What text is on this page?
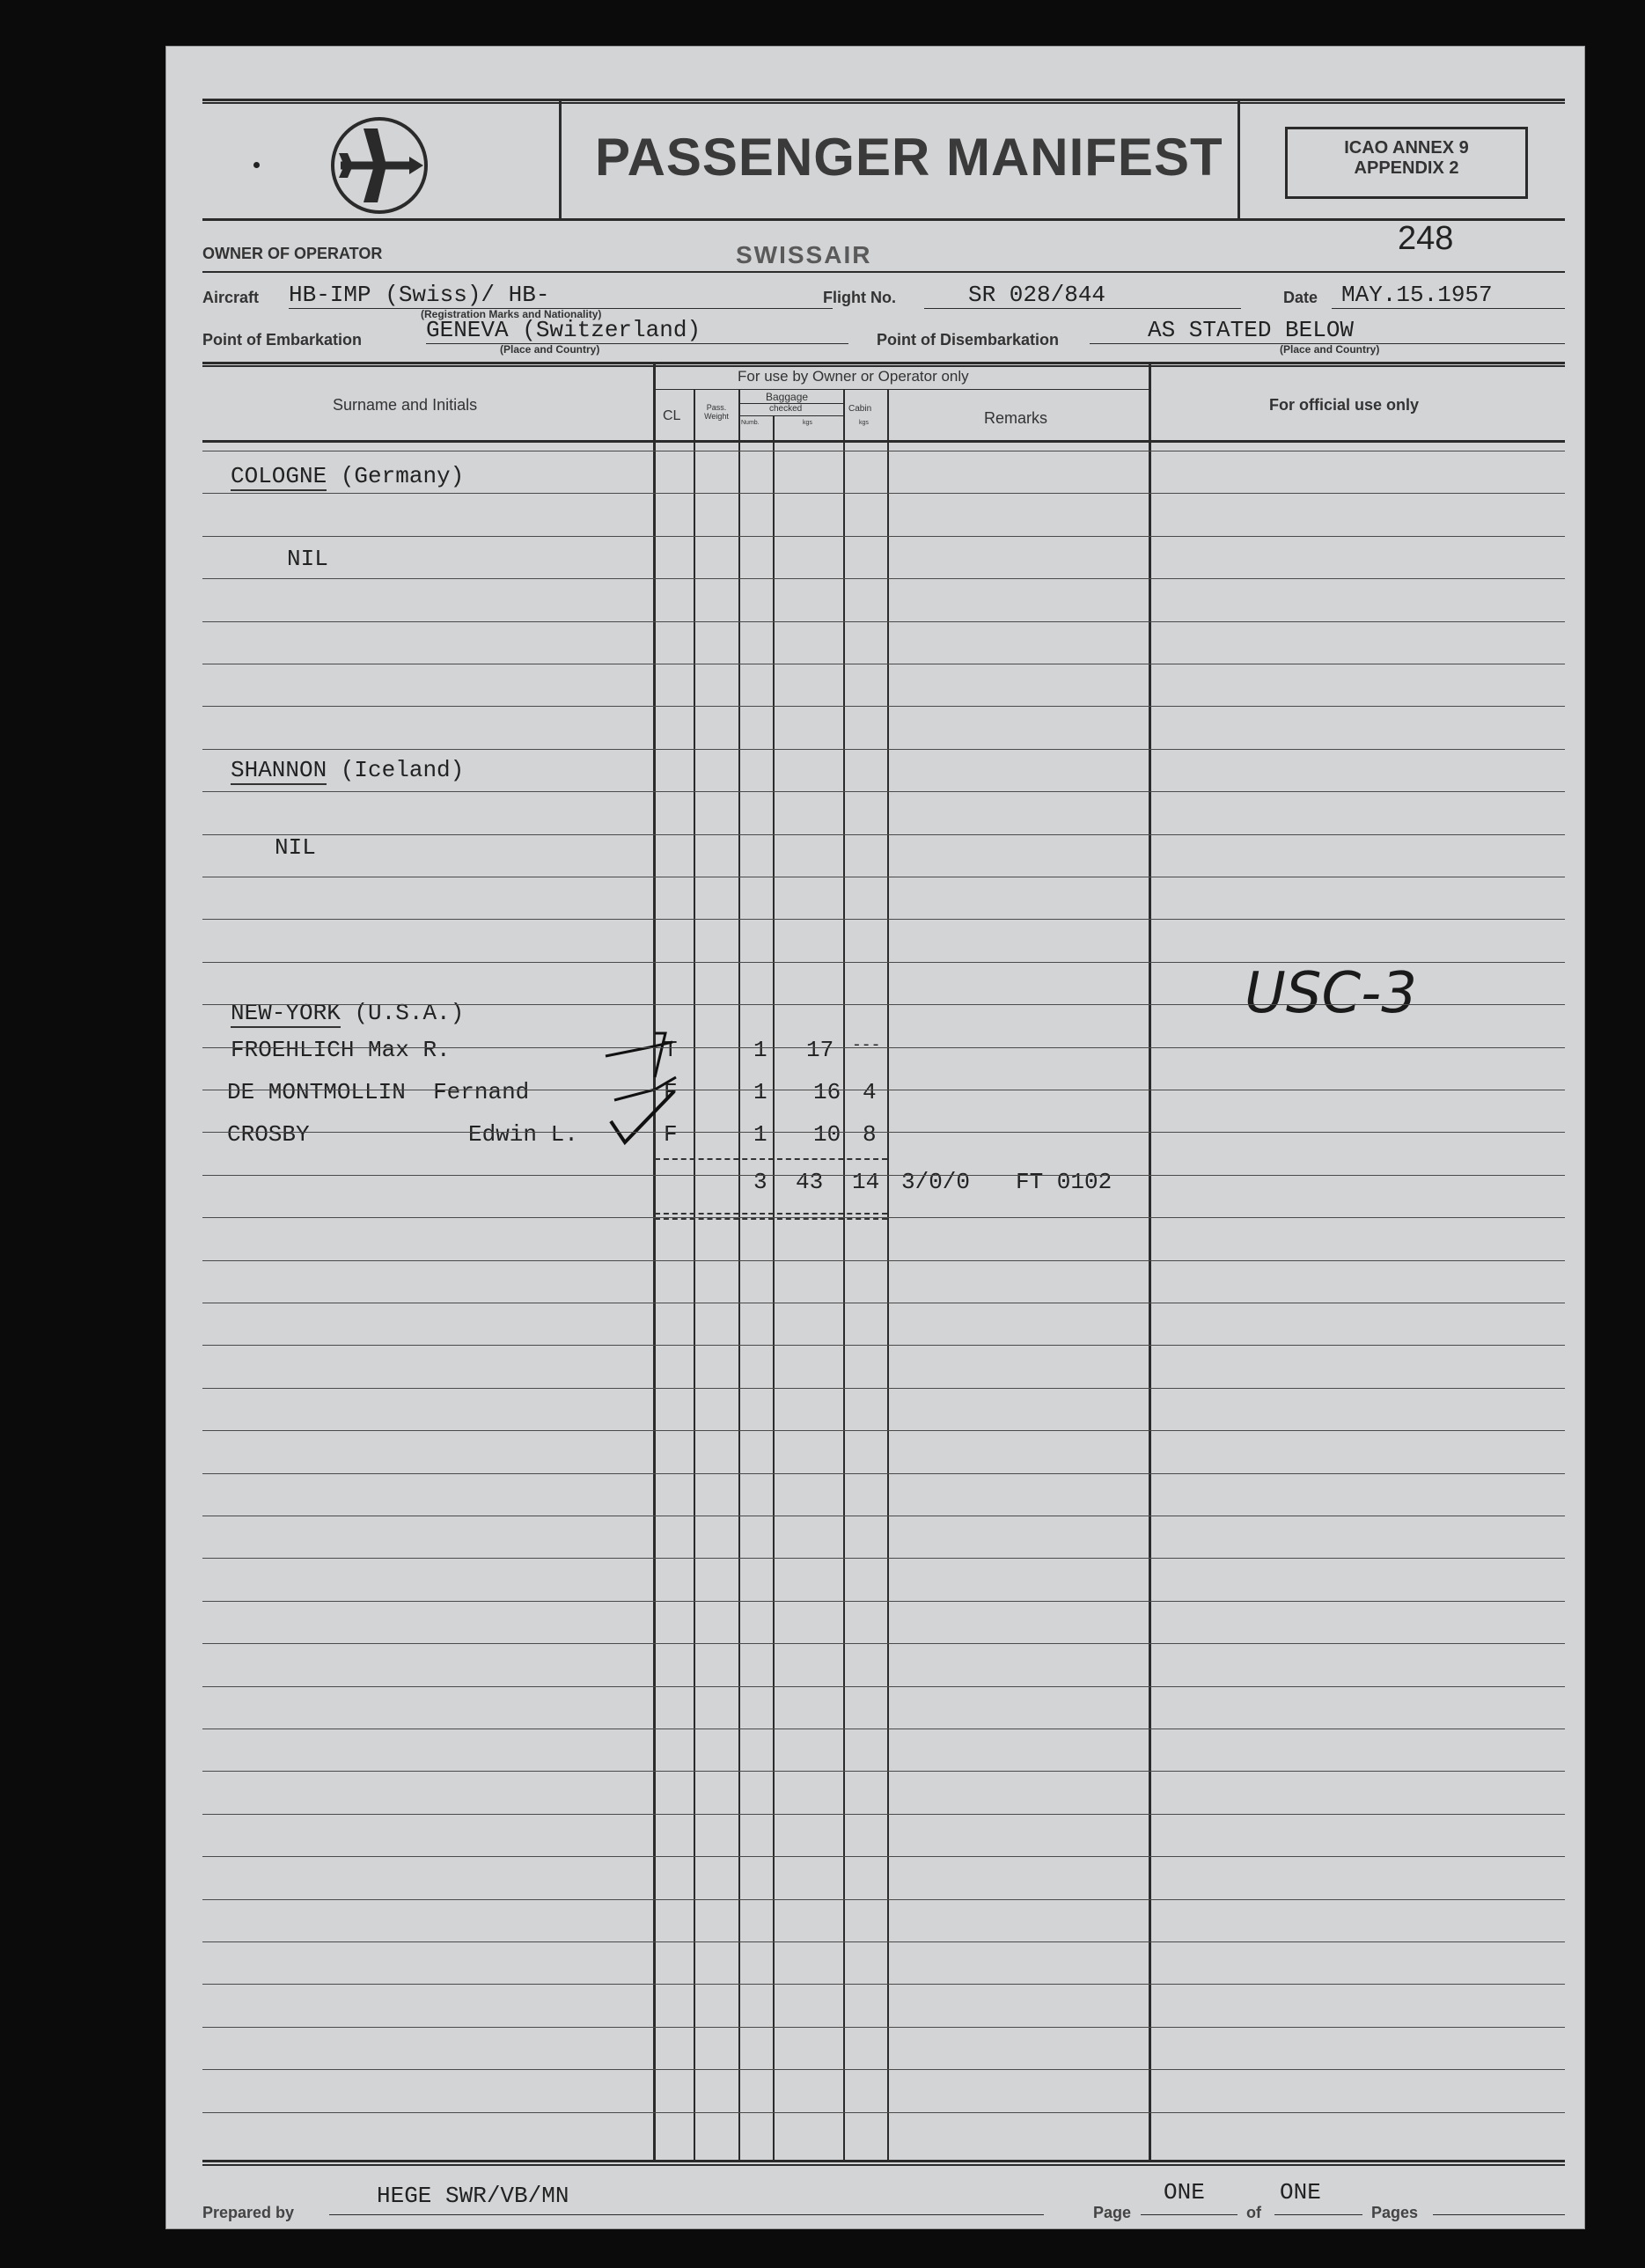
PASSENGER MANIFEST	ICAO ANNEX 9
APPENDIX 2
OWNER OF OPERATOR	SWISSAIR	248
Aircraft HB-IMP (Swiss)/ HB-
(Registration Marks and Nationality)
Flight No.	SR 028/844	Date MAY.15.1957
Point of Embarkation	GENEVA (Switzerland)
(Place and Country)
Point of Disembarkation	AS STATED BELOW
(Place and Country)
Surname and Initials
For use by Owner or Operator only
CL
Pass. Weight
Baggage
checked
Numb.	kgs
Cabin
kgs	Remarks
For official use only
COLOGNE (Germany)
NIL
SHANNON (Iceland)
NIL
NEW-YORK (U.S.A.)
FROEHLICH Max R.	T	1 17 ---
DE MONTMOLLIN Fernand	F	1 16 4
CROSBY	Edwin L.	F	1 10 8
3 43 14 3/0/0 FT 0102
USC-3
Prepared by
HEGE SWR/VB/MN
Page
ONE
of
ONE
Pages
